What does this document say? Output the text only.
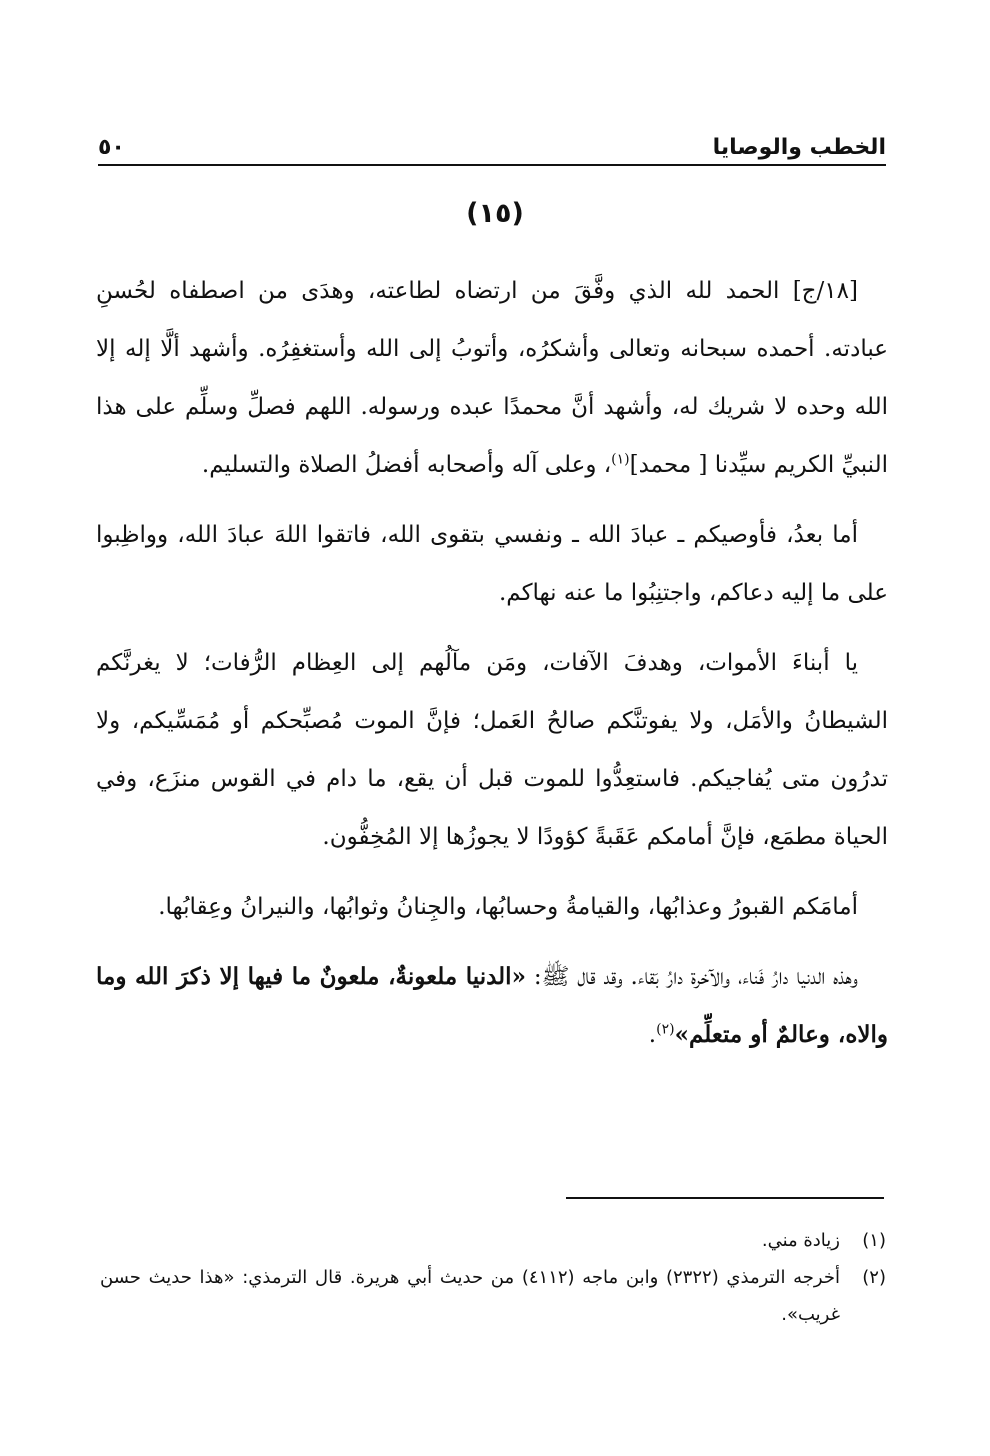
الخطب والوصايا
٥٠
(١٥)

[١٨/ج] الحمد لله الذي وفَّقَ من ارتضاه لطاعته، وهدَى من اصطفاه لحُسنِ عبادته. أحمده سبحانه وتعالى وأشكرُه، وأتوبُ إلى الله وأستغفِرُه. وأشهد ألَّا إله إلا الله وحده لا شريك له، وأشهد أنَّ محمدًا عبده ورسوله. اللهم فصلِّ وسلِّم على هذا النبيِّ الكريم سيِّدنا [ محمد]$^{(١)}$، وعلى آله وأصحابه أفضلُ الصلاة والتسليم.

أما بعدُ، فأوصيكم ـ عبادَ الله ـ ونفسي بتقوى الله، فاتقوا اللهَ عبادَ الله، وواظِبوا على ما إليه دعاكم، واجتنِبُوا ما عنه نهاكم.

يا أبناءَ الأموات، وهدفَ الآفات، ومَن مآلُهم إلى العِظام الرُّفات؛ لا يغرنَّكم الشيطانُ والأمَل، ولا يفوتنَّكم صالحُ العَمل؛ فإنَّ الموت مُصبِّحكم أو مُمَسِّيكم، ولا تدرُون متى يُفاجيكم. فاستعِدُّوا للموت قبل أن يقع، ما دام في القوس منزَع، وفي الحياة مطمَع، فإنَّ أمامكم عَقَبةً كؤودًا لا يجوزُها إلا المُخِفُّون.

أمامَكم القبورُ وعذابُها، والقيامةُ وحسابُها، والجِنانُ وثوابُها، والنيرانُ وعِقابُها.

وهذه الدنيا دارُ فَناء، والآخرة دارُ بَقاء. وقد قال ﷺ: «الدنيا ملعونةٌ، ملعونٌ ما فيها إلا ذكرَ الله وما والاه، وعالمٌ أو متعلِّم»$^{(٢)}$.

(١)
زيادة مني.
(٢)
أخرجه الترمذي (٢٣٢٢) وابن ماجه (٤١١٢) من حديث أبي هريرة. قال الترمذي: «هذا حديث حسن غريب».
